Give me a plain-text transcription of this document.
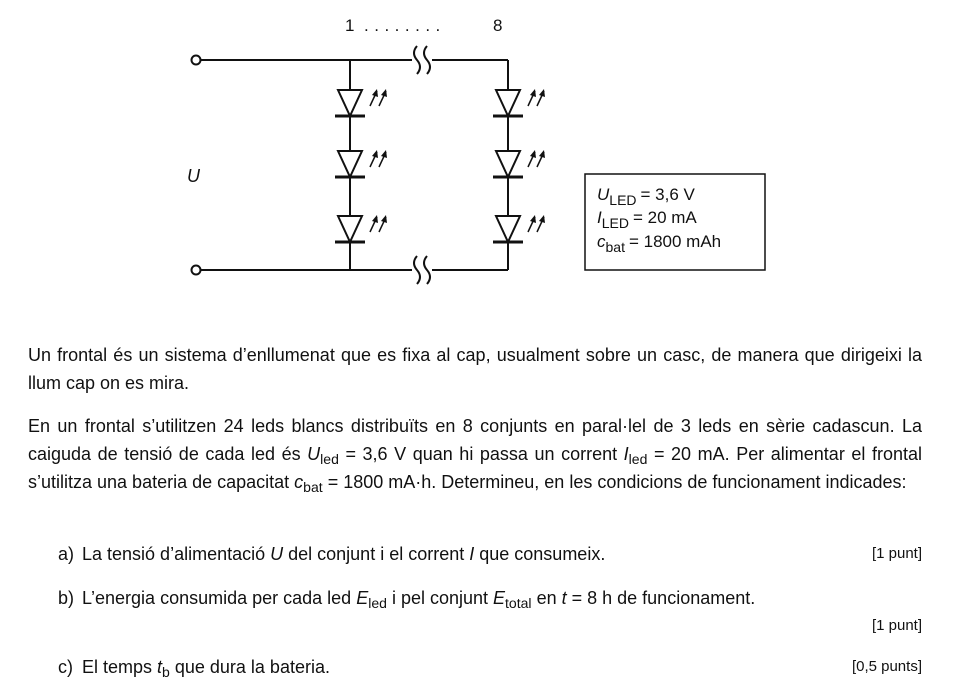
1 ........	8
U
$U_{LED} = 3,6$ V
$I_{LED} = 20$ mA
$c_{bat} = 1800$ mAh

Un frontal és un sistema d’enllumenat que es fixa al cap, usualment sobre un casc, de manera que dirigeixi la llum cap on es mira.

En un frontal s’utilitzen 24 leds blancs distribuïts en 8 conjunts en paral·lel de 3 leds en sèrie cadascun. La caiguda de tensió de cada led és $U_{led} = 3,6$ V quan hi passa un corrent $I_{led} = 20$ mA. Per alimentar el frontal s’utilitza una bateria de capacitat $c_{bat} = 1800$ mA·h. Determineu, en les condicions de funcionament indicades:

a) La tensió d’alimentació U del conjunt i el corrent I que consumeix.	[1 punt]
b) L’energia consumida per cada led $E_{led}$ i pel conjunt $E_{total}$ en t = 8 h de funcionament.
[1 punt]
c) El temps $t_b$ que dura la bateria.	[0,5 punts]
